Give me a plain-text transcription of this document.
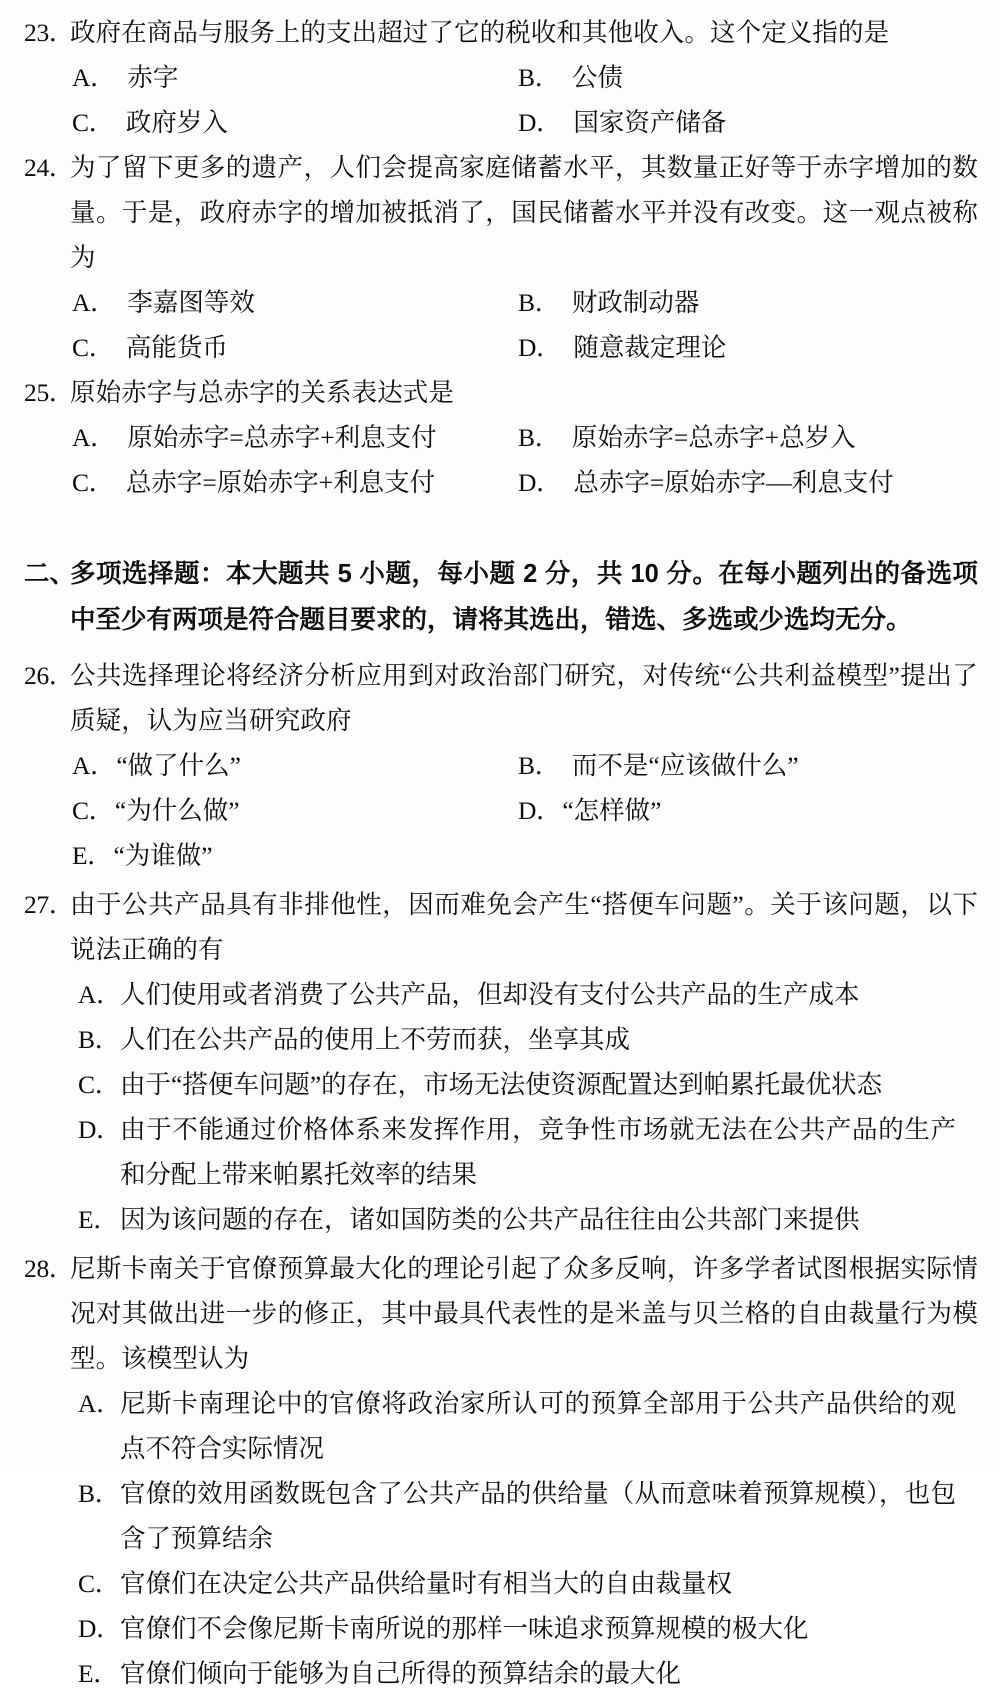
23．
政府在商品与服务上的支出超过了它的税收和其他收入。这个定义指的是
A． 赤字	B． 公债
C． 政府岁入	D． 国家资产储备
24．
为了留下更多的遗产，人们会提高家庭储蓄水平，其数量正好等于赤字增加的数量。于是，政府赤字的增加被抵消了，国民储蓄水平并没有改变。这一观点被称为
A． 李嘉图等效	B． 财政制动器
C． 高能货币	D． 随意裁定理论
25．
原始赤字与总赤字的关系表达式是
A． 原始赤字=总赤字+利息支付	B． 原始赤字=总赤字+总岁入
C． 总赤字=原始赤字+利息支付	D． 总赤字=原始赤字—利息支付
二、
多项选择题：本大题共 5 小题，每小题 2 分，共 10 分。在每小题列出的备选项中至少有两项是符合题目要求的，请将其选出，错选、多选或少选均无分。
26．
公共选择理论将经济分析应用到对政治部门研究，对传统“公共利益模型”提出了质疑，认为应当研究政府
A． “做了什么”	B． 而不是“应该做什么”
C． “为什么做”	D． “怎样做”
E． “为谁做”
27．
由于公共产品具有非排他性，因而难免会产生“搭便车问题”。关于该问题，以下说法正确的有
A．
人们使用或者消费了公共产品，但却没有支付公共产品的生产成本
B． 人们在公共产品的使用上不劳而获，坐享其成
C． 由于“搭便车问题”的存在，市场无法使资源配置达到帕累托最优状态
D．
由于不能通过价格体系来发挥作用，竞争性市场就无法在公共产品的生产和分配上带来帕累托效率的结果
E． 因为该问题的存在，诸如国防类的公共产品往往由公共部门来提供
28．
尼斯卡南关于官僚预算最大化的理论引起了众多反响，许多学者试图根据实际情况对其做出进一步的修正，其中最具代表性的是米盖与贝兰格的自由裁量行为模型。该模型认为
A．
尼斯卡南理论中的官僚将政治家所认可的预算全部用于公共产品供给的观点不符合实际情况
B． 官僚的效用函数既包含了公共产品的供给量（从而意味着预算规模），也包含了预算结余
C． 官僚们在决定公共产品供给量时有相当大的自由裁量权
D．
官僚们不会像尼斯卡南所说的那样一味追求预算规模的极大化
E． 官僚们倾向于能够为自己所得的预算结余的最大化
